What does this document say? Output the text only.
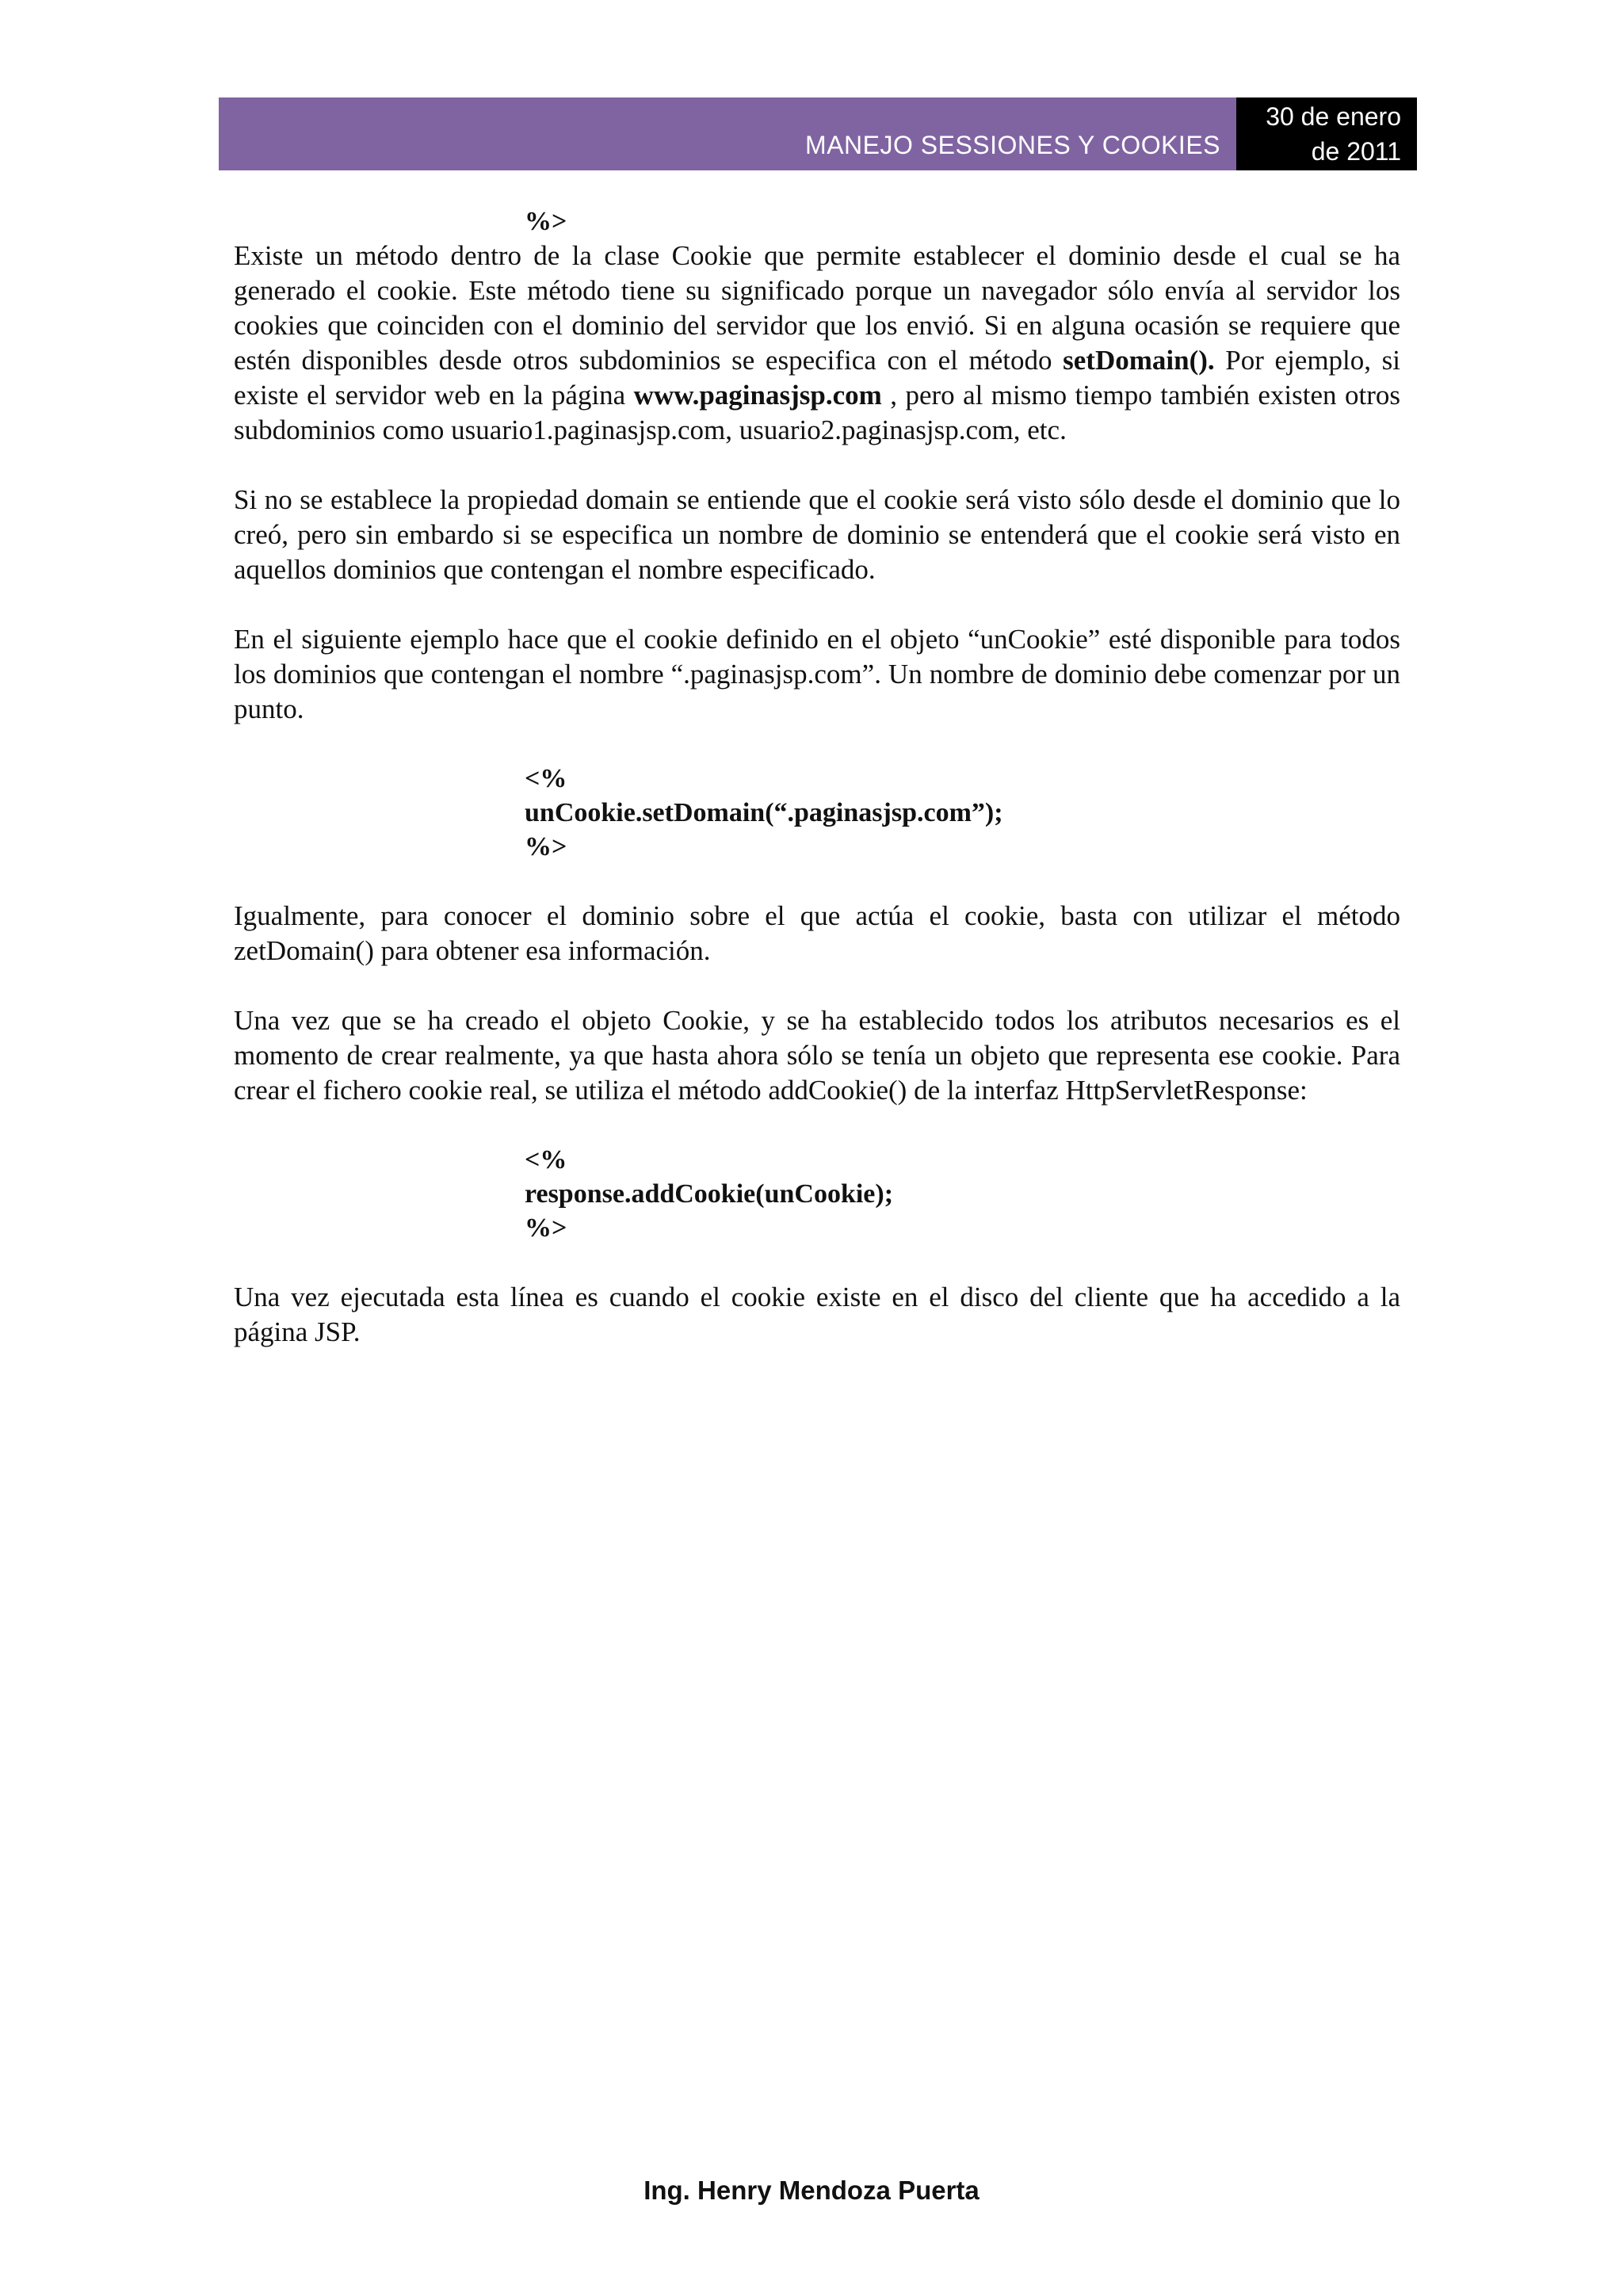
MANEJO SESSIONES Y COOKIES
30 de enero
de 2011

%>

Existe un método dentro de la clase Cookie que permite establecer el dominio desde el cual se ha generado el cookie. Este método tiene su significado porque un navegador sólo envía al servidor los cookies que coinciden con el dominio del servidor que los envió. Si en alguna ocasión se requiere que estén disponibles desde otros subdominios se especifica con el método setDomain(). Por ejemplo, si existe el servidor web en la página www.paginasjsp.com , pero al mismo tiempo también existen otros subdominios como usuario1.paginasjsp.com, usuario2.paginasjsp.com, etc.

Si no se establece la propiedad domain se entiende que el cookie será visto sólo desde el dominio que lo creó, pero sin embardo si se especifica un nombre de dominio se entenderá que el cookie será visto en aquellos dominios que contengan el nombre especificado.

En el siguiente ejemplo hace que el cookie definido en el objeto “unCookie” esté disponible para todos los dominios que contengan el nombre “.paginasjsp.com”. Un nombre de dominio debe comenzar por un punto.

<%

unCookie.setDomain(“.paginasjsp.com”);

%>

Igualmente, para conocer el dominio sobre el que actúa el cookie, basta con utilizar el método zetDomain() para obtener esa información.

Una vez que se ha creado el objeto Cookie, y se ha establecido todos los atributos necesarios es el momento de crear realmente, ya que hasta ahora sólo se tenía un objeto que representa ese cookie. Para crear el fichero cookie real, se utiliza el método addCookie() de la interfaz HttpServletResponse:

<%

response.addCookie(unCookie);

%>

Una vez ejecutada esta línea es cuando el cookie existe en el disco del cliente que ha accedido a la página JSP.

Ing. Henry Mendoza Puerta
